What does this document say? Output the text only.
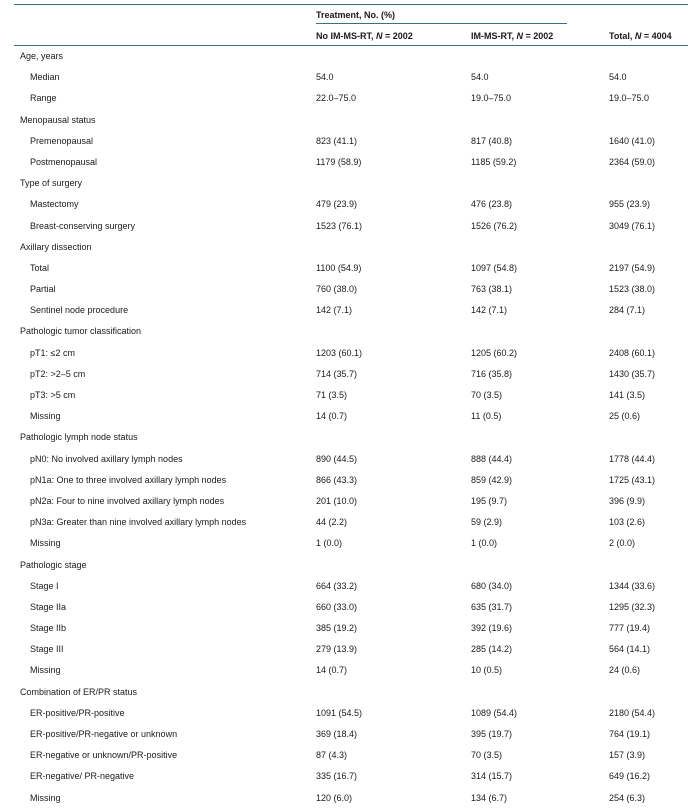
Treatment, No. (%)
No IM-MS-RT, N = 2002	IM-MS-RT, N = 2002	Total, N = 4004
Age, years
Median	54.0	54.0	54.0
Range	22.0–75.0	19.0–75.0	19.0–75.0
Menopausal status
Premenopausal	823 (41.1)	817 (40.8)	1640 (41.0)
Postmenopausal	1179 (58.9)	1185 (59.2)	2364 (59.0)
Type of surgery
Mastectomy	479 (23.9)	476 (23.8)	955 (23.9)
Breast-conserving surgery	1523 (76.1)	1526 (76.2)	3049 (76.1)
Axillary dissection
Total	1100 (54.9)	1097 (54.8)	2197 (54.9)
Partial	760 (38.0)	763 (38.1)	1523 (38.0)
Sentinel node procedure	142 (7.1)	142 (7.1)	284 (7.1)
Pathologic tumor classification
pT1: ≤2 cm	1203 (60.1)	1205 (60.2)	2408 (60.1)
pT2: >2–5 cm	714 (35.7)	716 (35.8)	1430 (35.7)
pT3: >5 cm	71 (3.5)	70 (3.5)	141 (3.5)
Missing	14 (0.7)	11 (0.5)	25 (0.6)
Pathologic lymph node status
pN0: No involved axillary lymph nodes	890 (44.5)	888 (44.4)	1778 (44.4)
pN1a: One to three involved axillary lymph nodes	866 (43.3)	859 (42.9)	1725 (43.1)
pN2a: Four to nine involved axillary lymph nodes	201 (10.0)	195 (9.7)	396 (9.9)
pN3a: Greater than nine involved axillary lymph nodes	44 (2.2)	59 (2.9)	103 (2.6)
Missing	1 (0.0)	1 (0.0)	2 (0.0)
Pathologic stage
Stage I	664 (33.2)	680 (34.0)	1344 (33.6)
Stage IIa	660 (33.0)	635 (31.7)	1295 (32.3)
Stage IIb	385 (19.2)	392 (19.6)	777 (19.4)
Stage III	279 (13.9)	285 (14.2)	564 (14.1)
Missing	14 (0.7)	10 (0.5)	24 (0.6)
Combination of ER/PR status
ER-positive/PR-positive	1091 (54.5)	1089 (54.4)	2180 (54.4)
ER-positive/PR-negative or unknown	369 (18.4)	395 (19.7)	764 (19.1)
ER-negative or unknown/PR-positive	87 (4.3)	70 (3.5)	157 (3.9)
ER-negative/ PR-negative	335 (16.7)	314 (15.7)	649 (16.2)
Missing	120 (6.0)	134 (6.7)	254 (6.3)
